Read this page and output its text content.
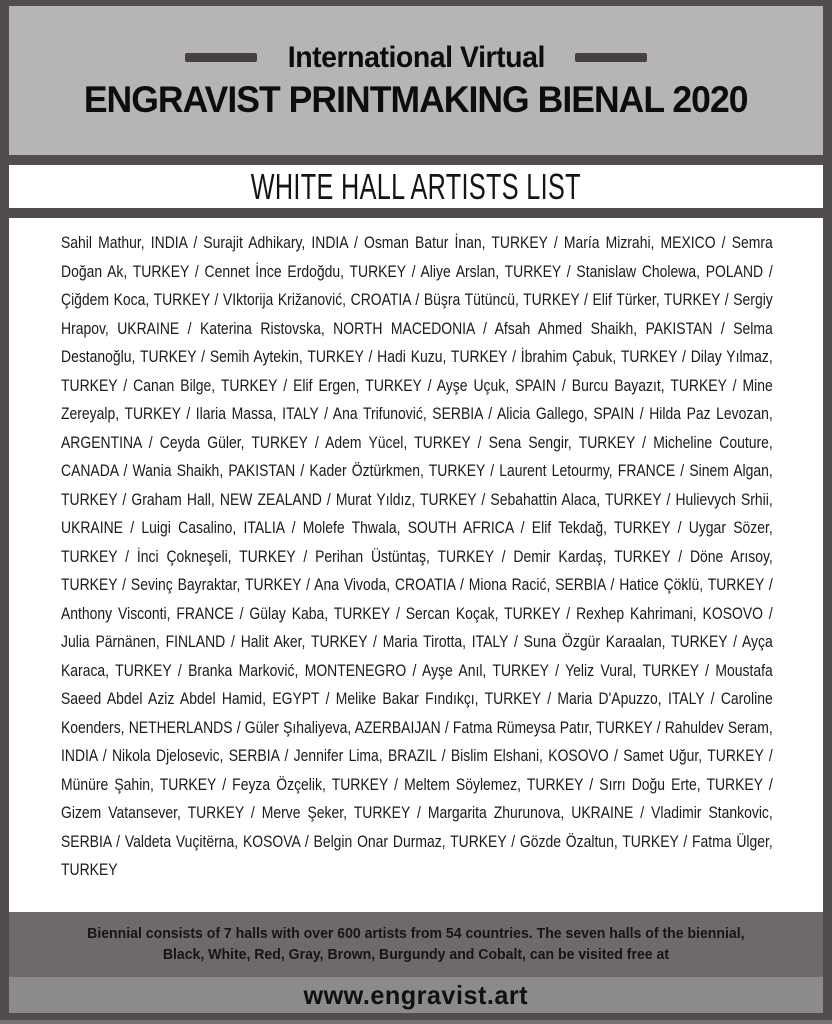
International Virtual
ENGRAVIST PRINTMAKING BIENAL 2020
WHITE HALL ARTISTS LIST

Sahil Mathur, INDIA / Surajit Adhikary, INDIA / Osman Batur İnan, TURKEY / María Mizrahi, MEXICO / Semra Doğan Ak, TURKEY / Cennet İnce Erdoğdu, TURKEY / Aliye Arslan, TURKEY / Stanislaw Cholewa, POLAND / Çiğdem Koca, TURKEY / VIktorija Križanović, CROATIA / Büşra Tütüncü, TURKEY / Elif Türker, TURKEY / Sergiy Hrapov, UKRAINE / Katerina Ristovska, NORTH MACEDONIA / Afsah Ahmed Shaikh, PAKISTAN / Selma Destanoğlu, TURKEY / Semih Aytekin, TURKEY / Hadi Kuzu, TURKEY / İbrahim Çabuk, TURKEY / Dilay Yılmaz, TURKEY / Canan Bilge, TURKEY / Elif Ergen, TURKEY / Ayşe Uçuk, SPAIN / Burcu Bayazıt, TURKEY / Mine Zereyalp, TURKEY / Ilaria Massa, ITALY / Ana Trifunović, SERBIA / Alicia Gallego, SPAIN / Hilda Paz Levozan, ARGENTINA / Ceyda Güler, TURKEY / Adem Yücel, TURKEY / Sena Sengir, TURKEY / Micheline Couture, CANADA / Wania Shaikh, PAKISTAN / Kader Öztürkmen, TURKEY / Laurent Letourmy, FRANCE / Sinem Algan, TURKEY / Graham Hall, NEW ZEALAND / Murat Yıldız, TURKEY / Sebahattin Alaca, TURKEY / Hulievych Srhii, UKRAINE / Luigi Casalino, ITALIA / Molefe Thwala, SOUTH AFRICA / Elif Tekdağ, TURKEY / Uygar Sözer, TURKEY / İnci Çokneşeli, TURKEY / Perihan Üstüntaş, TURKEY / Demir Kardaş, TURKEY / Döne Arısoy, TURKEY / Sevinç Bayraktar, TURKEY / Ana Vivoda, CROATIA / Miona Racić, SERBIA / Hatice Çöklü, TURKEY / Anthony Visconti, FRANCE / Gülay Kaba, TURKEY / Sercan Koçak, TURKEY / Rexhep Kahrimani, KOSOVO / Julia Pärnänen, FINLAND / Halit Aker, TURKEY / Maria Tirotta, ITALY / Suna Özgür Karaalan, TURKEY / Ayça Karaca, TURKEY / Branka Marković, MONTENEGRO / Ayşe Anıl, TURKEY / Yeliz Vural, TURKEY / Moustafa Saeed Abdel Aziz Abdel Hamid, EGYPT / Melike Bakar Fındıkçı, TURKEY / Maria D'Apuzzo, ITALY / Caroline Koenders, NETHERLANDS / Güler Şıhaliyeva, AZERBAIJAN / Fatma Rümeysa Patır, TURKEY / Rahuldev Seram, INDIA / Nikola Djelosevic, SERBIA / Jennifer Lima, BRAZIL / Bislim Elshani, KOSOVO / Samet Uğur, TURKEY / Münüre Şahin, TURKEY / Feyza Özçelik, TURKEY / Meltem Söylemez, TURKEY / Sırrı Doğu Erte, TURKEY / Gizem Vatansever, TURKEY / Merve Şeker, TURKEY / Margarita Zhurunova, UKRAINE / Vladimir Stankovic, SERBIA / Valdeta Vuçitërna, KOSOVA / Belgin Onar Durmaz, TURKEY / Gözde Özaltun, TURKEY / Fatma Ülger, TURKEY

Biennial consists of 7 halls with over 600 artists from 54 countries. The seven halls of the biennial,
Black, White, Red, Gray, Brown, Burgundy and Cobalt, can be visited free at
www.engravist.art
